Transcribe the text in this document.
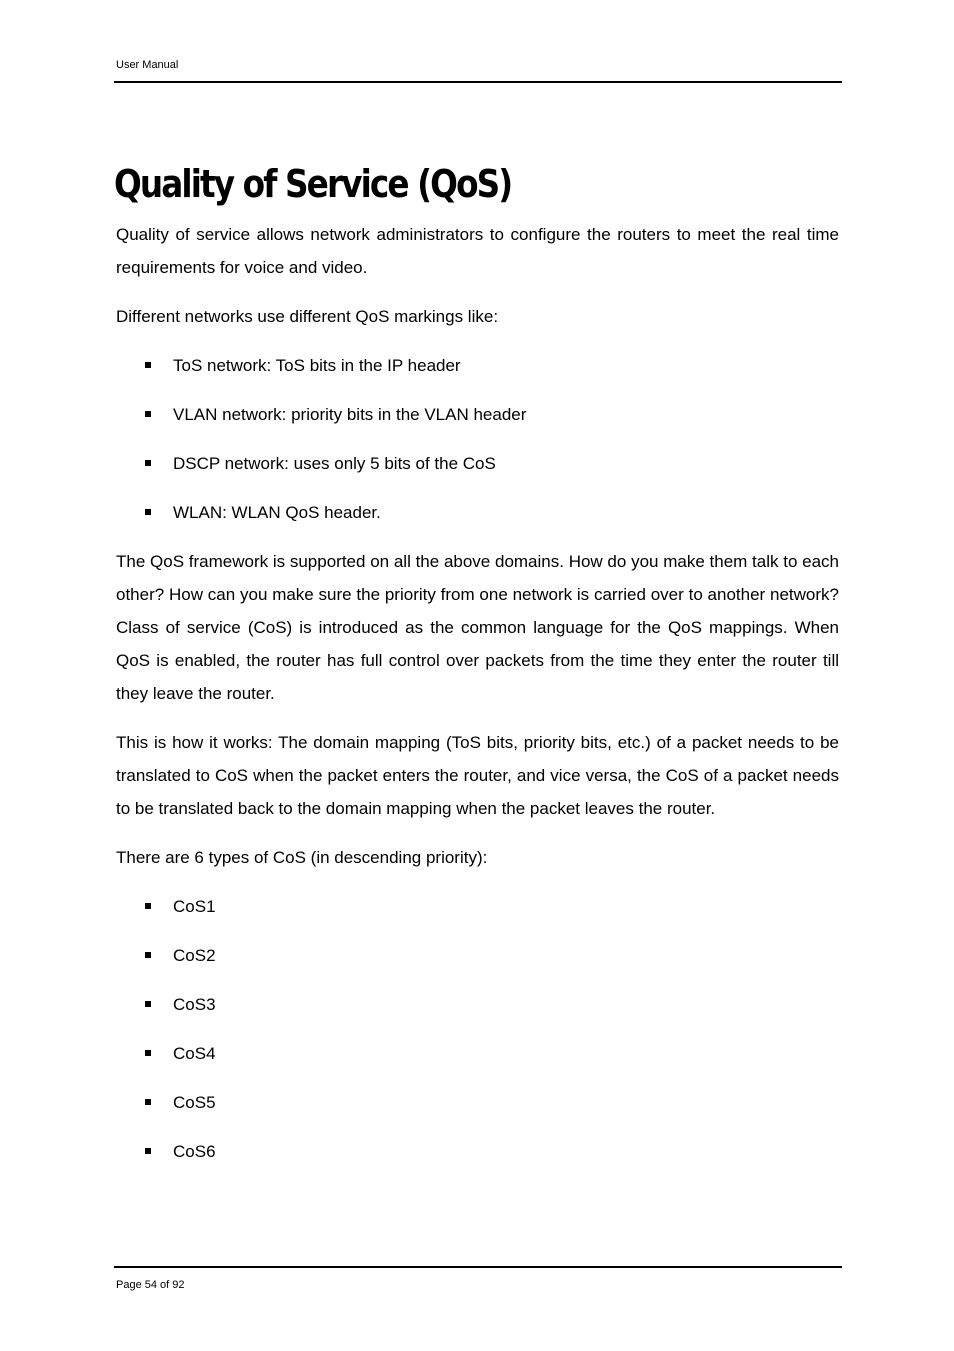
User Manual
Quality of Service (QoS)

Quality of service allows network administrators to configure the routers to meet the real time requirements for voice and video.

Different networks use different QoS markings like:

ToS network: ToS bits in the IP header
VLAN network: priority bits in the VLAN header
DSCP network: uses only 5 bits of the CoS
WLAN: WLAN QoS header.

The QoS framework is supported on all the above domains. How do you make them talk to each other? How can you make sure the priority from one network is carried over to another network? Class of service (CoS) is introduced as the common language for the QoS mappings. When QoS is enabled, the router has full control over packets from the time they enter the router till they leave the router.

This is how it works: The domain mapping (ToS bits, priority bits, etc.) of a packet needs to be translated to CoS when the packet enters the router, and vice versa, the CoS of a packet needs to be translated back to the domain mapping when the packet leaves the router.

There are 6 types of CoS (in descending priority):

CoS1
CoS2
CoS3
CoS4
CoS5
CoS6
Page 54 of 92
